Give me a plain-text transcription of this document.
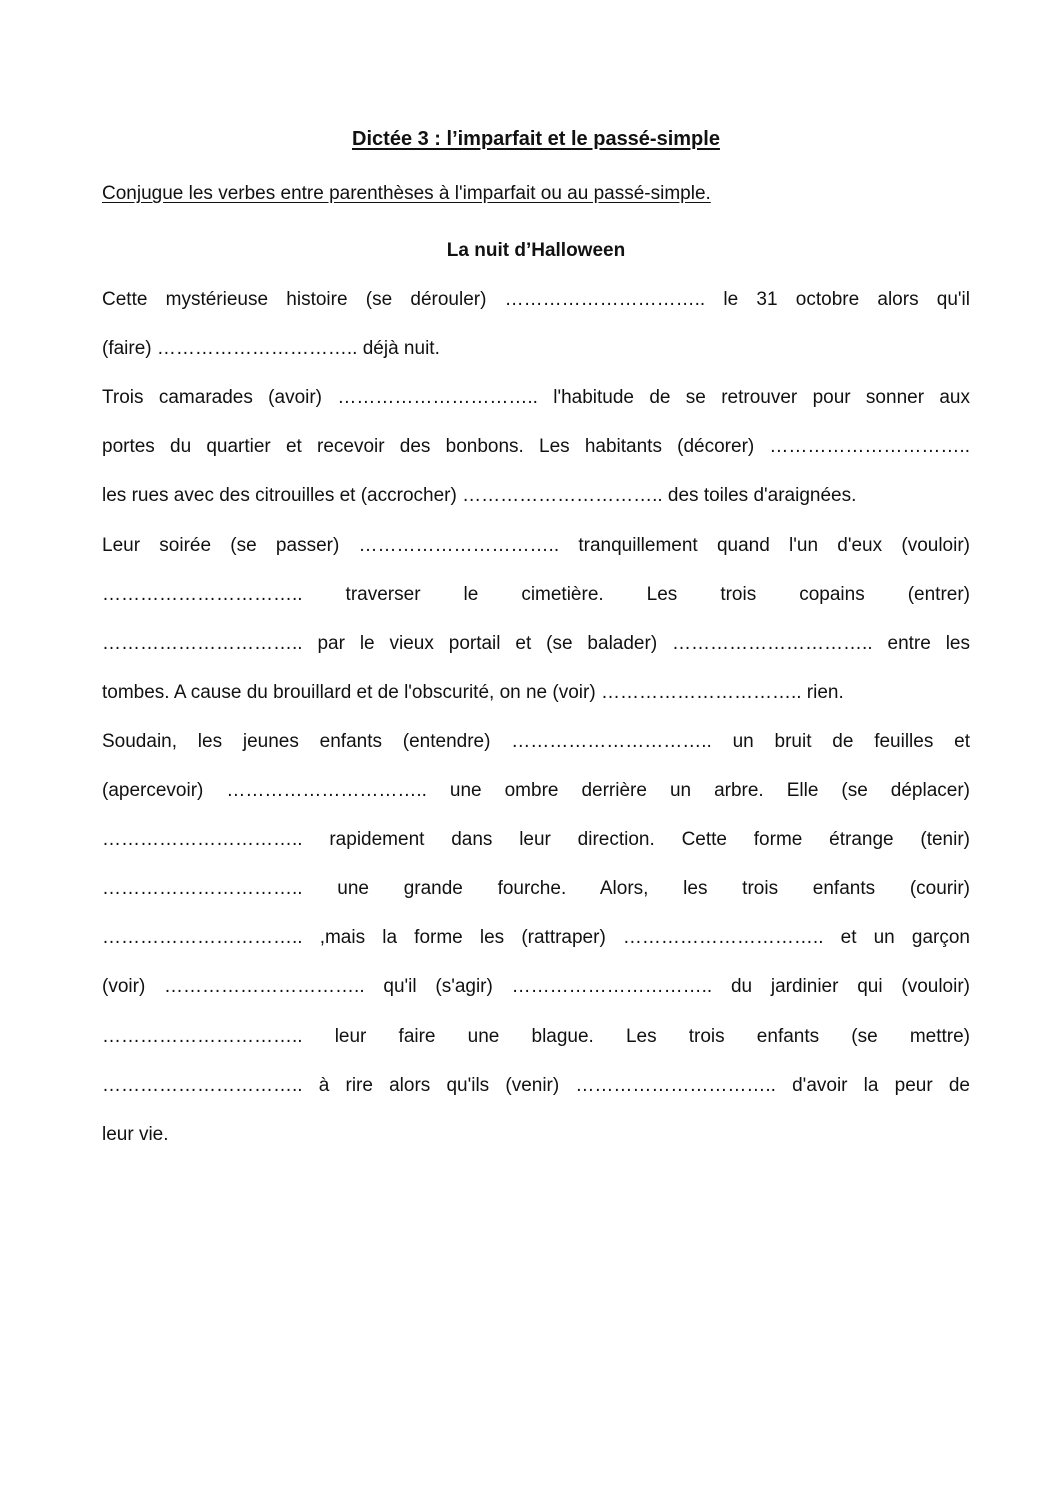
Dictée 3 : l’imparfait et le passé-simple
Conjugue les verbes entre parenthèses à l'imparfait ou au passé-simple.
La nuit d’Halloween
Cette mystérieuse histoire (se dérouler) ………………………….. le 31 octobre alors qu'il
(faire) ………………………….. déjà nuit.
Trois camarades (avoir) ………………………….. l'habitude de se retrouver pour sonner aux
portes du quartier et recevoir des bonbons. Les habitants (décorer) …………………………..
les rues avec des citrouilles et (accrocher) ………………………….. des toiles d'araignées.
Leur soirée (se passer) ………………………….. tranquillement quand l'un d'eux (vouloir)
………………………….. traverser le cimetière. Les trois copains (entrer)
………………………….. par le vieux portail et (se balader) ………………………….. entre les
tombes. A cause du brouillard et de l'obscurité, on ne (voir) ………………………….. rien.
Soudain, les jeunes enfants (entendre) ………………………….. un bruit de feuilles et
(apercevoir) ………………………….. une ombre derrière un arbre. Elle (se déplacer)
………………………….. rapidement dans leur direction. Cette forme étrange (tenir)
………………………….. une grande fourche. Alors, les trois enfants (courir)
………………………….. ,mais la forme les (rattraper) ………………………….. et un garçon
(voir) ………………………….. qu'il (s'agir) ………………………….. du jardinier qui (vouloir)
………………………….. leur faire une blague. Les trois enfants (se mettre)
………………………….. à rire alors qu'ils (venir) ………………………….. d'avoir la peur de
leur vie.
